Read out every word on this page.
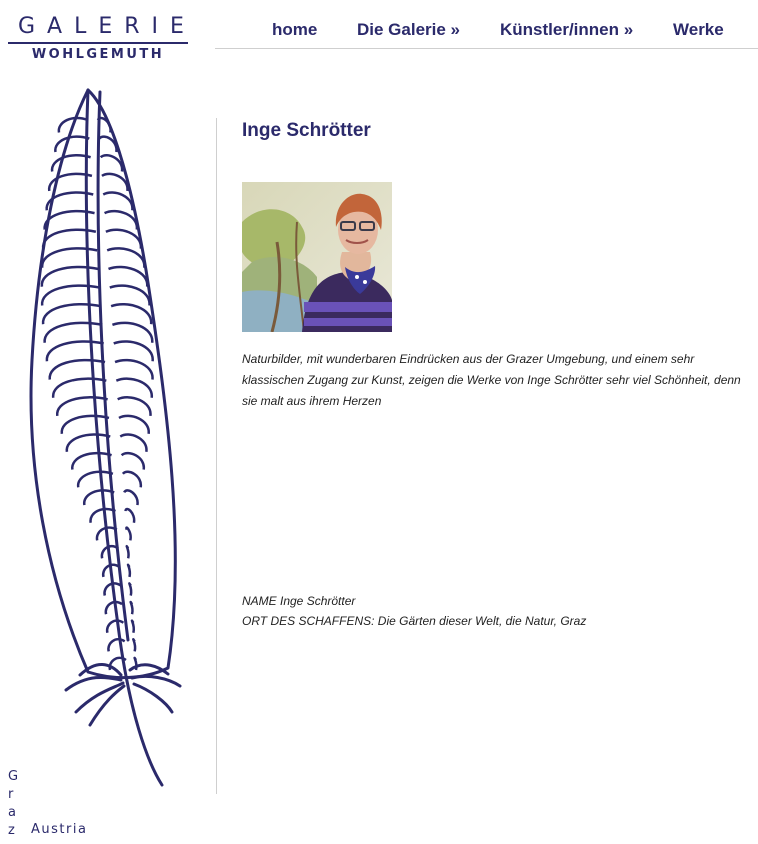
GALERIE
WOHLGEMUTH
home Die Galerie » Künstler/innen » Werke
G
r
a
z	Austria
Inge Schrötter

Naturbilder, mit wunderbaren Eindrücken aus der Grazer Umgebung, und einem sehr klassischen Zugang zur Kunst, zeigen die Werke von Inge Schrötter sehr viel Schönheit, denn sie malt aus ihrem Herzen

NAME Inge Schrötter
ORT DES SCHAFFENS: Die Gärten dieser Welt, die Natur, Graz
